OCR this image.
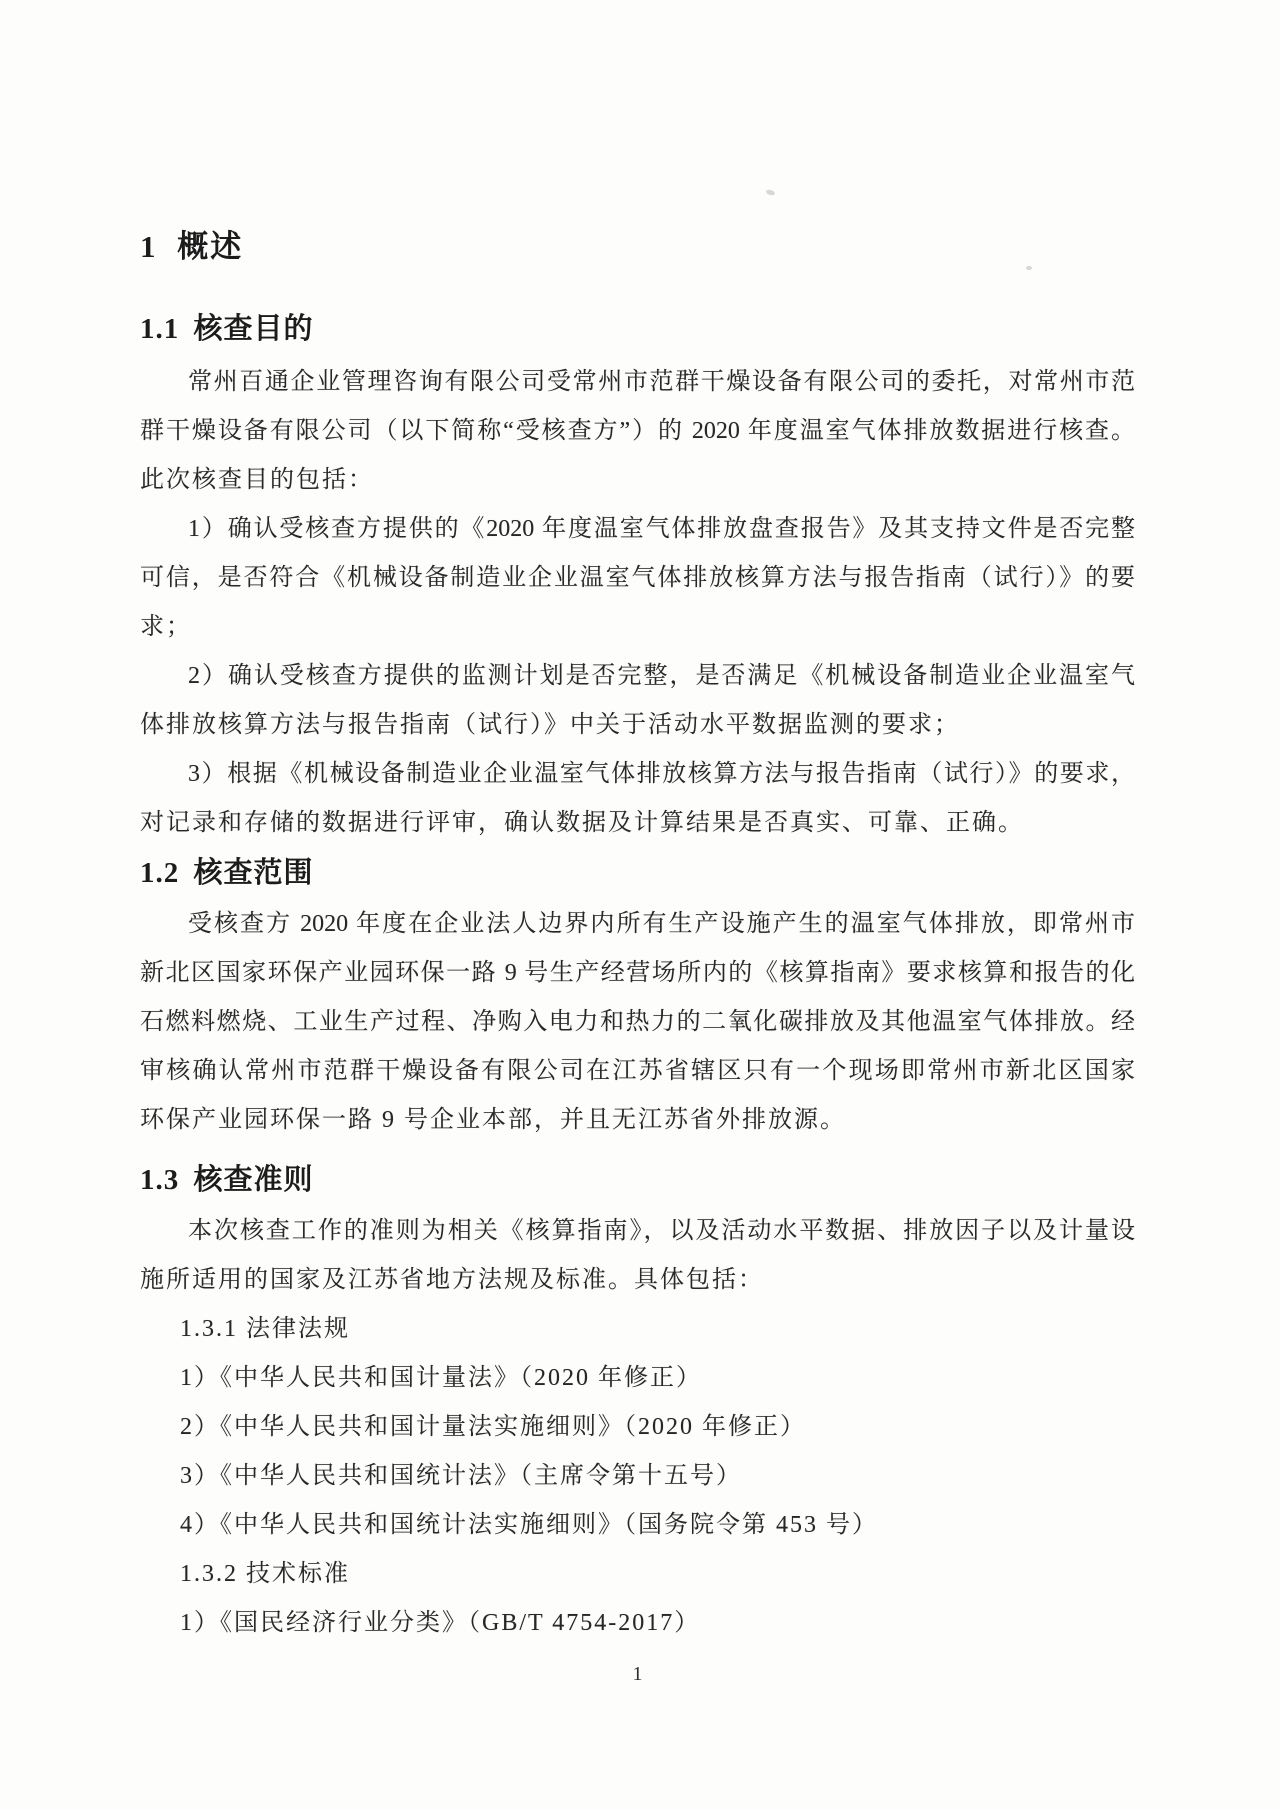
1 概述
1.1 核查目的
常州百通企业管理咨询有限公司受常州市范群干燥设备有限公司的委托，对常州市范
群干燥设备有限公司（以下简称“受核查方”）的 2020 年度温室气体排放数据进行核查。
此次核查目的包括：
1）确认受核查方提供的《2020 年度温室气体排放盘查报告》及其支持文件是否完整
可信，是否符合《机械设备制造业企业温室气体排放核算方法与报告指南（试行）》的要
求；
2）确认受核查方提供的监测计划是否完整，是否满足《机械设备制造业企业温室气
体排放核算方法与报告指南（试行）》中关于活动水平数据监测的要求；
3）根据《机械设备制造业企业温室气体排放核算方法与报告指南（试行）》的要求，
对记录和存储的数据进行评审，确认数据及计算结果是否真实、可靠、正确。
1.2 核查范围
受核查方 2020 年度在企业法人边界内所有生产设施产生的温室气体排放，即常州市
新北区国家环保产业园环保一路 9 号生产经营场所内的《核算指南》要求核算和报告的化
石燃料燃烧、工业生产过程、净购入电力和热力的二氧化碳排放及其他温室气体排放。经
审核确认常州市范群干燥设备有限公司在江苏省辖区只有一个现场即常州市新北区国家
环保产业园环保一路 9 号企业本部，并且无江苏省外排放源。
1.3 核查准则
本次核查工作的准则为相关《核算指南》，以及活动水平数据、排放因子以及计量设
施所适用的国家及江苏省地方法规及标准。具体包括：
1.3.1 法律法规
1）《中华人民共和国计量法》（2020 年修正）
2）《中华人民共和国计量法实施细则》（2020 年修正）
3）《中华人民共和国统计法》（主席令第十五号）
4）《中华人民共和国统计法实施细则》（国务院令第 453 号）
1.3.2 技术标准
1）《国民经济行业分类》（GB/T 4754-2017）
1
